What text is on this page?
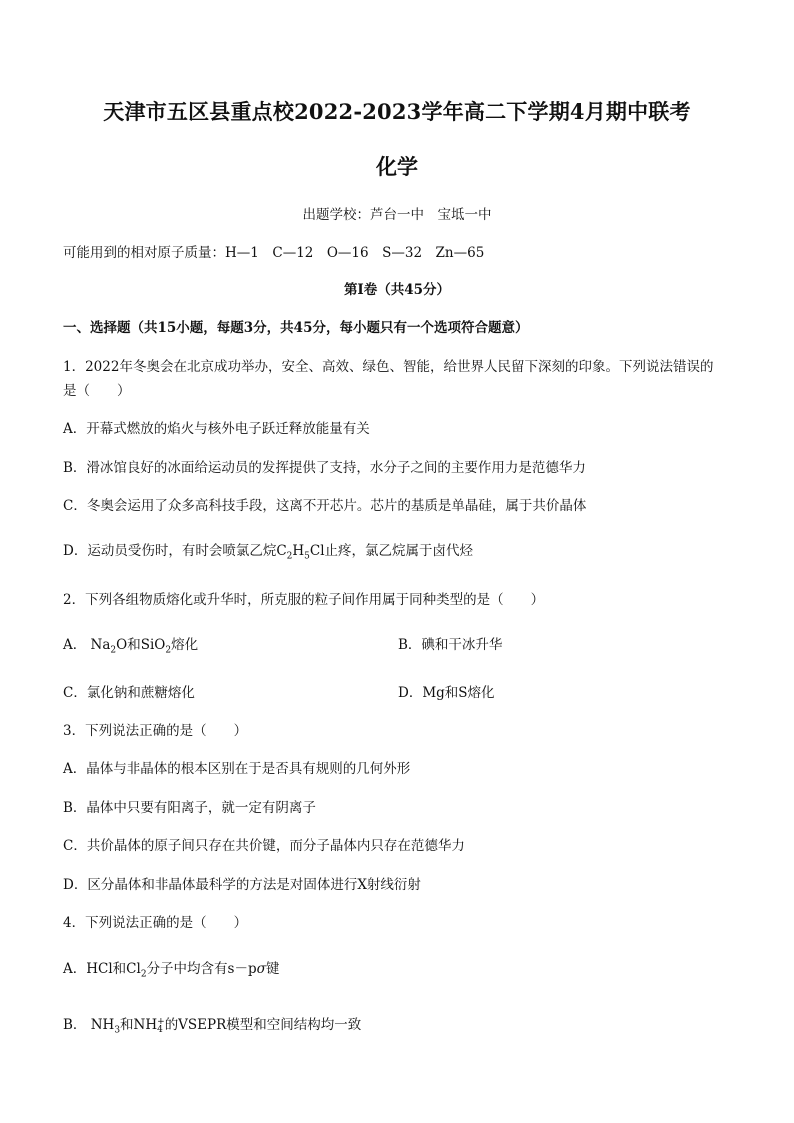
天津市五区县重点校2022-2023学年高二下学期4月期中联考
化学
出题学校：芦台一中　宝坻一中
可能用到的相对原子质量：H—1　C—12　O—16　S—32　Zn—65
第Ⅰ卷（共45分）
一、选择题（共15小题，每题3分，共45分，每小题只有一个选项符合题意）
1．2022年冬奥会在北京成功举办，安全、高效、绿色、智能，给世界人民留下深刻的印象。下列说法错误的
是（　　）
A．开幕式燃放的焰火与核外电子跃迁释放能量有关
B．滑冰馆良好的冰面给运动员的发挥提供了支持，水分子之间的主要作用力是范德华力
C．冬奥会运用了众多高科技手段，这离不开芯片。芯片的基质是单晶硅，属于共价晶体
D．运动员受伤时，有时会喷氯乙烷$C_2H_5Cl$止疼，氯乙烷属于卤代烃
2．下列各组物质熔化或升华时，所克服的粒子间作用属于同种类型的是（　　）
A． $Na_2O$和SiO$_2$熔化	B．碘和干冰升华
C．氯化钠和蔗糖熔化	D．Mg和S熔化
3．下列说法正确的是（　　）
A．晶体与非晶体的根本区别在于是否具有规则的几何外形
B．晶体中只要有阳离子，就一定有阴离子
C．共价晶体的原子间只存在共价键，而分子晶体内只存在范德华力
D．区分晶体和非晶体最科学的方法是对固体进行X射线衍射
4．下列说法正确的是（　　）
A．HCl和$Cl_2$分子中均含有s－pσ键
B． $NH_3$和NH +
4 的VSEPR模型和空间结构均一致
